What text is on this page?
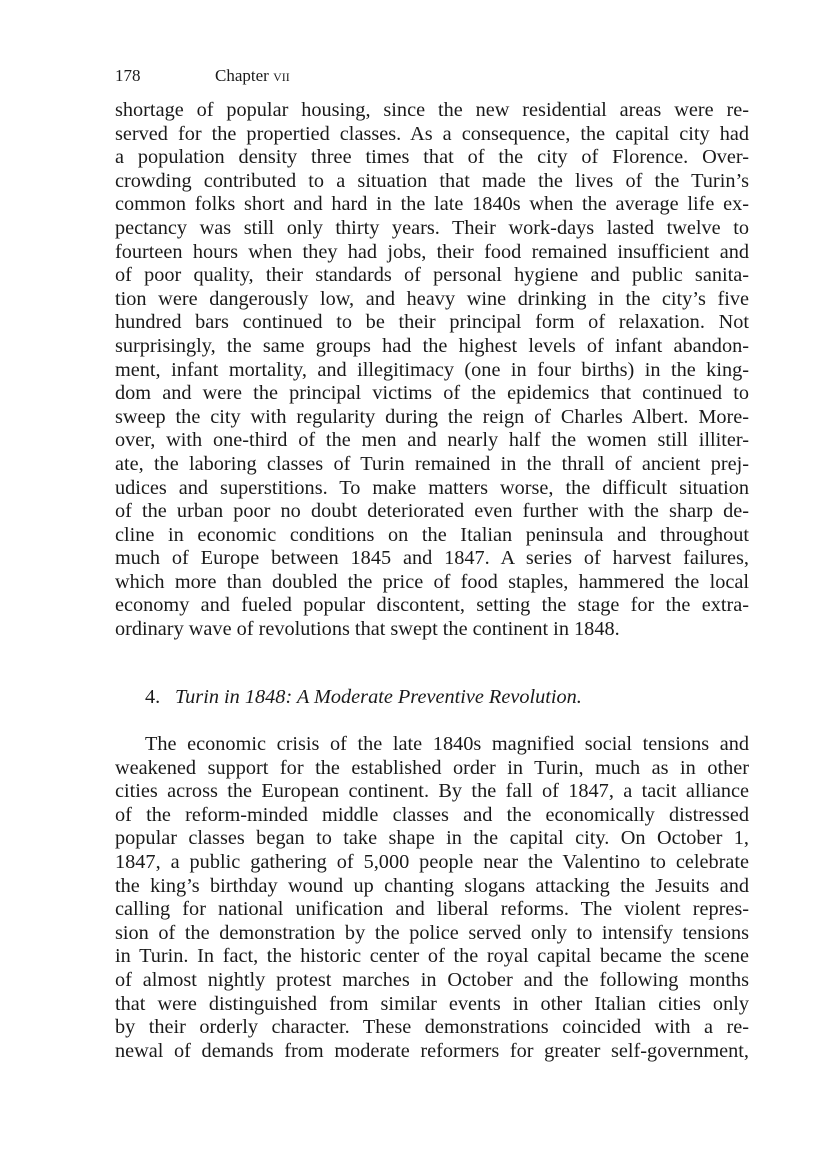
178	Chapter vii
shortage of popular housing, since the new residential areas were re-
served for the propertied classes. As a consequence, the capital city had
a population density three times that of the city of Florence. Over-
crowding contributed to a situation that made the lives of the Turin’s
common folks short and hard in the late 1840s when the average life ex-
pectancy was still only thirty years. Their work-days lasted twelve to
fourteen hours when they had jobs, their food remained insufficient and
of poor quality, their standards of personal hygiene and public sanita-
tion were dangerously low, and heavy wine drinking in the city’s five
hundred bars continued to be their principal form of relaxation. Not
surprisingly, the same groups had the highest levels of infant abandon-
ment, infant mortality, and illegitimacy (one in four births) in the king-
dom and were the principal victims of the epidemics that continued to
sweep the city with regularity during the reign of Charles Albert. More-
over, with one-third of the men and nearly half the women still illiter-
ate, the laboring classes of Turin remained in the thrall of ancient prej-
udices and superstitions. To make matters worse, the difficult situation
of the urban poor no doubt deteriorated even further with the sharp de-
cline in economic conditions on the Italian peninsula and throughout
much of Europe between 1845 and 1847. A series of harvest failures,
which more than doubled the price of food staples, hammered the local
economy and fueled popular discontent, setting the stage for the extra-
ordinary wave of revolutions that swept the continent in 1848.
4. Turin in 1848: A Moderate Preventive Revolution.
The economic crisis of the late 1840s magnified social tensions and
weakened support for the established order in Turin, much as in other
cities across the European continent. By the fall of 1847, a tacit alliance
of the reform-minded middle classes and the economically distressed
popular classes began to take shape in the capital city. On October 1,
1847, a public gathering of 5,000 people near the Valentino to celebrate
the king’s birthday wound up chanting slogans attacking the Jesuits and
calling for national unification and liberal reforms. The violent repres-
sion of the demonstration by the police served only to intensify tensions
in Turin. In fact, the historic center of the royal capital became the scene
of almost nightly protest marches in October and the following months
that were distinguished from similar events in other Italian cities only
by their orderly character. These demonstrations coincided with a re-
newal of demands from moderate reformers for greater self-government,
